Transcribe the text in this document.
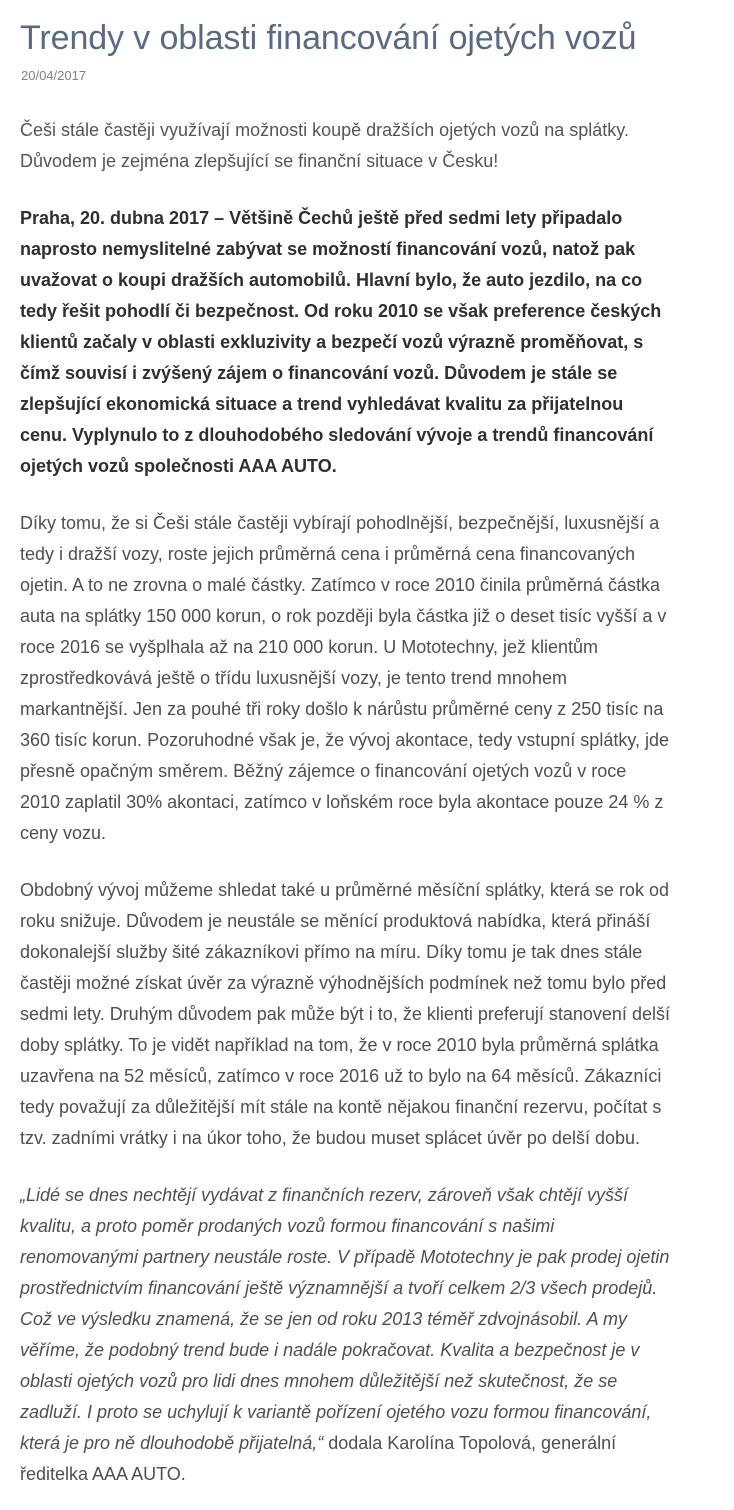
Trendy v oblasti financování ojetých vozů
20/04/2017

Češi stále častěji využívají možnosti koupě dražších ojetých vozů na splátky. Důvodem je zejména zlepšující se finanční situace v Česku!

Praha, 20. dubna 2017 – Většině Čechů ještě před sedmi lety připadalo naprosto nemyslitelné zabývat se možností financování vozů, natož pak uvažovat o koupi dražších automobilů. Hlavní bylo, že auto jezdilo, na co tedy řešit pohodlí či bezpečnost. Od roku 2010 se však preference českých klientů začaly v oblasti exkluzivity a bezpečí vozů výrazně proměňovat, s čímž souvisí i zvýšený zájem o financování vozů. Důvodem je stále se zlepšující ekonomická situace a trend vyhledávat kvalitu za přijatelnou cenu. Vyplynulo to z dlouhodobého sledování vývoje a trendů financování ojetých vozů společnosti AAA AUTO.

Díky tomu, že si Češi stále častěji vybírají pohodlnější, bezpečnější, luxusnější a tedy i dražší vozy, roste jejich průměrná cena i průměrná cena financovaných ojetin. A to ne zrovna o malé částky. Zatímco v roce 2010 činila průměrná částka auta na splátky 150 000 korun, o rok později byla částka již o deset tisíc vyšší a v roce 2016 se vyšplhala až na 210 000 korun. U Mototechny, jež klientům zprostředkovává ještě o třídu luxusnější vozy, je tento trend mnohem markantnější. Jen za pouhé tři roky došlo k nárůstu průměrné ceny z 250 tisíc na 360 tisíc korun. Pozoruhodné však je, že vývoj akontace, tedy vstupní splátky, jde přesně opačným směrem. Běžný zájemce o financování ojetých vozů v roce 2010 zaplatil 30% akontaci, zatímco v loňském roce byla akontace pouze 24 % z ceny vozu.

Obdobný vývoj můžeme shledat také u průměrné měsíční splátky, která se rok od roku snižuje. Důvodem je neustále se měnící produktová nabídka, která přináší dokonalejší služby šité zákazníkovi přímo na míru. Díky tomu je tak dnes stále častěji možné získat úvěr za výrazně výhodnějších podmínek než tomu bylo před sedmi lety. Druhým důvodem pak může být i to, že klienti preferují stanovení delší doby splátky. To je vidět například na tom, že v roce 2010 byla průměrná splátka uzavřena na 52 měsíců, zatímco v roce 2016 už to bylo na 64 měsíců. Zákazníci tedy považují za důležitější mít stále na kontě nějakou finanční rezervu, počítat s tzv. zadními vrátky i na úkor toho, že budou muset splácet úvěr po delší dobu.

„Lidé se dnes nechtějí vydávat z finančních rezerv, zároveň však chtějí vyšší kvalitu, a proto poměr prodaných vozů formou financování s našimi renomovanými partnery neustále roste. V případě Mototechny je pak prodej ojetin prostřednictvím financování ještě významnější a tvoří celkem 2/3 všech prodejů. Což ve výsledku znamená, že se jen od roku 2013 téměř zdvojnásobil. A my věříme, že podobný trend bude i nadále pokračovat. Kvalita a bezpečnost je v oblasti ojetých vozů pro lidi dnes mnohem důležitější než skutečnost, že se zadluží. I proto se uchylují k variantě pořízení ojetého vozu formou financování, která je pro ně dlouhodobě přijatelná,“ dodala Karolína Topolová, generální ředitelka AAA AUTO.
